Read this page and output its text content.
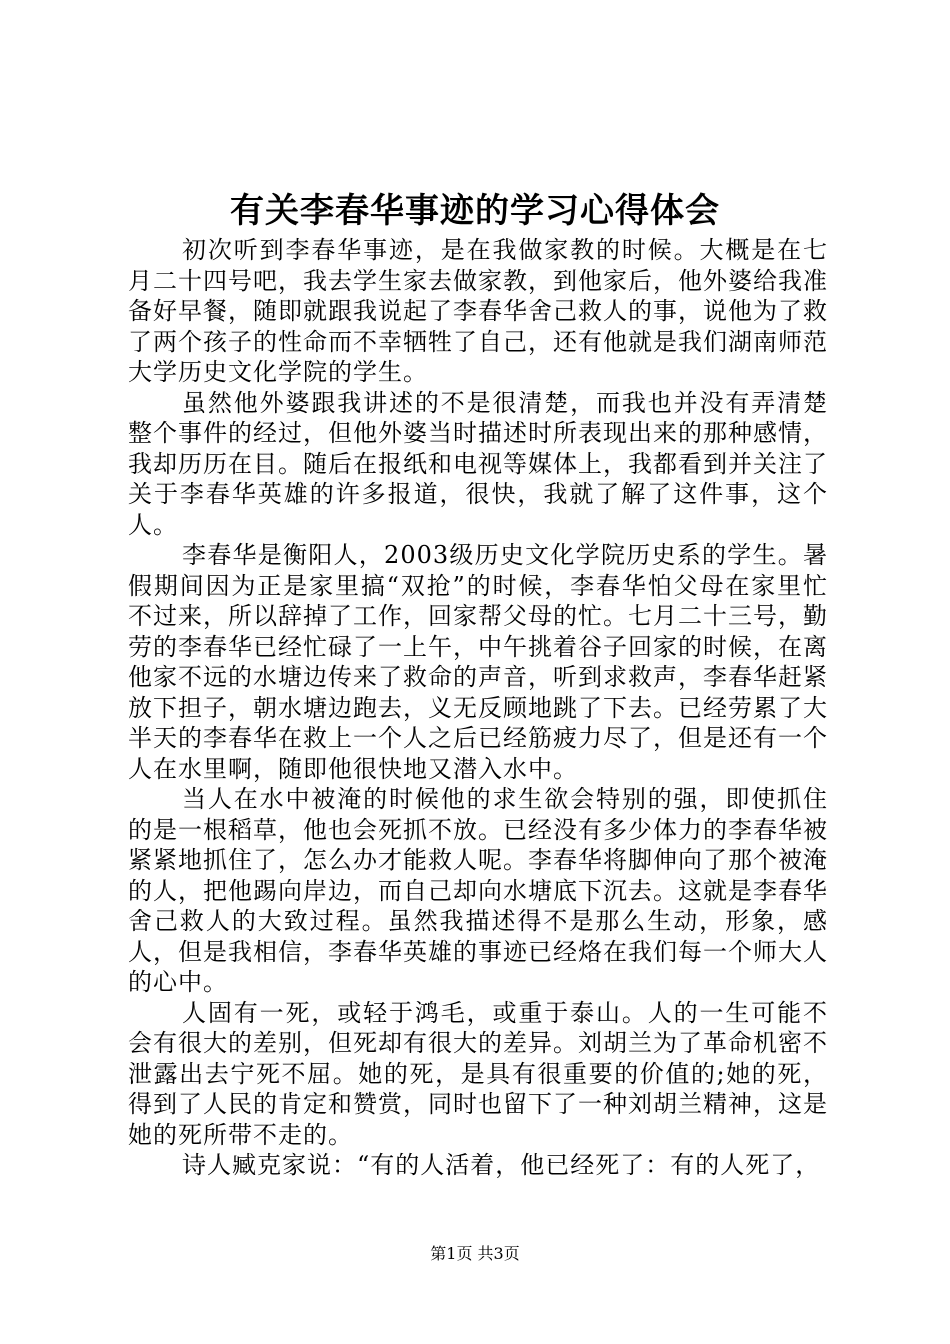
有关李春华事迹的学习心得体会

初次听到李春华事迹，是在我做家教的时候。大概是在七月二十四号吧，我去学生家去做家教，到他家后，他外婆给我准备好早餐，随即就跟我说起了李春华舍己救人的事，说他为了救了两个孩子的性命而不幸牺牲了自己，还有他就是我们湖南师范大学历史文化学院的学生。

虽然他外婆跟我讲述的不是很清楚，而我也并没有弄清楚整个事件的经过，但他外婆当时描述时所表现出来的那种感情，我却历历在目。随后在报纸和电视等媒体上，我都看到并关注了关于李春华英雄的许多报道，很快，我就了解了这件事，这个人。

李春华是衡阳人，2003级历史文化学院历史系的学生。暑假期间因为正是家里搞“双抢”的时候，李春华怕父母在家里忙不过来，所以辞掉了工作，回家帮父母的忙。七月二十三号，勤劳的李春华已经忙碌了一上午，中午挑着谷子回家的时候，在离他家不远的水塘边传来了救命的声音，听到求救声，李春华赶紧放下担子，朝水塘边跑去，义无反顾地跳了下去。已经劳累了大半天的李春华在救上一个人之后已经筋疲力尽了，但是还有一个人在水里啊，随即他很快地又潜入水中。

当人在水中被淹的时候他的求生欲会特别的强，即使抓住的是一根稻草，他也会死抓不放。已经没有多少体力的李春华被紧紧地抓住了，怎么办才能救人呢。李春华将脚伸向了那个被淹的人，把他踢向岸边，而自己却向水塘底下沉去。这就是李春华舍己救人的大致过程。虽然我描述得不是那么生动，形象，感人，但是我相信，李春华英雄的事迹已经烙在我们每一个师大人的心中。

人固有一死，或轻于鸿毛，或重于泰山。人的一生可能不会有很大的差别，但死却有很大的差异。刘胡兰为了革命机密不泄露出去宁死不屈。她的死，是具有很重要的价值的;她的死，得到了人民的肯定和赞赏，同时也留下了一种刘胡兰精神，这是她的死所带不走的。

诗人臧克家说：“有的人活着，他已经死了：有的人死了，

第1页 共3页
